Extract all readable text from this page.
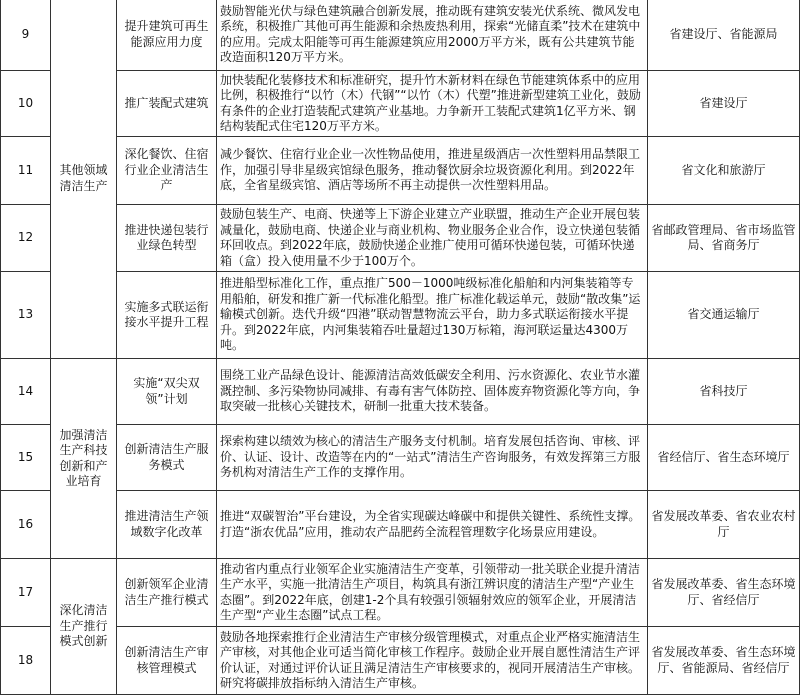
9	其他领域清洁生产	提升建筑可再生能源应用力度	鼓励智能光伏与绿色建筑融合创新发展，推动既有建筑安装光伏系统、微风发电系统，积极推广其他可再生能源和余热废热利用，探索“光储直柔”技术在建筑中的应用。完成太阳能等可再生能源建筑应用2000万平方米，既有公共建筑节能改造面积120万平方米。	省建设厅、省能源局
10		推广装配式建筑	加快装配化装修技术和标准研究，提升竹木新材料在绿色节能建筑体系中的应用比例，积极推行“以竹（木）代钢”“以竹（木）代塑”推进新型建筑工业化，鼓励有条件的企业打造装配式建筑产业基地。力争新开工装配式建筑1亿平方米、钢结构装配式住宅120万平方米。	省建设厅
11		深化餐饮、住宿行业企业清洁生产	减少餐饮、住宿行业企业一次性物品使用，推进星级酒店一次性塑料用品禁限工作，加强引导非星级宾馆绿色服务，推动餐饮厨余垃圾资源化利用。到2022年底，全省星级宾馆、酒店等场所不再主动提供一次性塑料用品。	省文化和旅游厅
12		推进快递包装行业绿色转型	鼓励包装生产、电商、快递等上下游企业建立产业联盟，推动生产企业开展包装减量化，鼓励电商、快递企业与商业机构、物业服务企业合作，设立快递包装循环回收点。到2022年底，鼓励快递企业推广使用可循环快递包装，可循环快递箱（盒）投入使用量不少于100万个。	省邮政管理局、省市场监管局、省商务厅
13		实施多式联运衔接水平提升工程	推进船型标准化工作，重点推广500－1000吨级标准化船舶和内河集装箱等专用船舶，研发和推广新一代标准化船型。推广标准化载运单元，鼓励“散改集”运输模式创新。迭代升级“四港”联动智慧物流云平台，助力多式联运衔接水平提升。到2022年底，内河集装箱吞吐量超过130万标箱，海河联运量达4300万吨。	省交通运输厅
14	加强清洁生产科技创新和产业培育	实施“双尖双领”计划	围绕工业产品绿色设计、能源清洁高效低碳安全利用、污水资源化、农业节水灌溉控制、多污染物协同减排、有毒有害气体防控、固体废弃物资源化等方向，争取突破一批核心关键技术，研制一批重大技术装备。	省科技厅
15		创新清洁生产服务模式	探索构建以绩效为核心的清洁生产服务支付机制。培育发展包括咨询、审核、评价、认证、设计、改造等在内的“一站式”清洁生产咨询服务，有效发挥第三方服务机构对清洁生产工作的支撑作用。	省经信厅、省生态环境厅
16		推进清洁生产领域数字化改革	推进“双碳智治”平台建设，为全省实现碳达峰碳中和提供关键性、系统性支撑。打造“浙农优品”应用，推动农产品肥药全流程管理数字化场景应用建设。	省发展改革委、省农业农村厅
17	深化清洁生产推行模式创新	创新领军企业清洁生产推行模式	推动省内重点行业领军企业实施清洁生产变革，引领带动一批关联企业提升清洁生产水平，实施一批清洁生产项目，构筑具有浙江辨识度的清洁生产型“产业生态圈”。到2022年底，创建1-2个具有较强引领辐射效应的领军企业，开展清洁生产型“产业生态圈”试点工程。	省发展改革委、省生态环境厅、省经信厅
18		创新清洁生产审核管理模式	鼓励各地探索推行企业清洁生产审核分级管理模式，对重点企业严格实施清洁生产审核，对其他企业可适当简化审核工作程序。鼓励企业开展自愿性清洁生产评价认证，对通过评价认证且满足清洁生产审核要求的，视同开展清洁生产审核。研究将碳排放指标纳入清洁生产审核。	省发展改革委、省生态环境厅、省能源局、省经信厅
